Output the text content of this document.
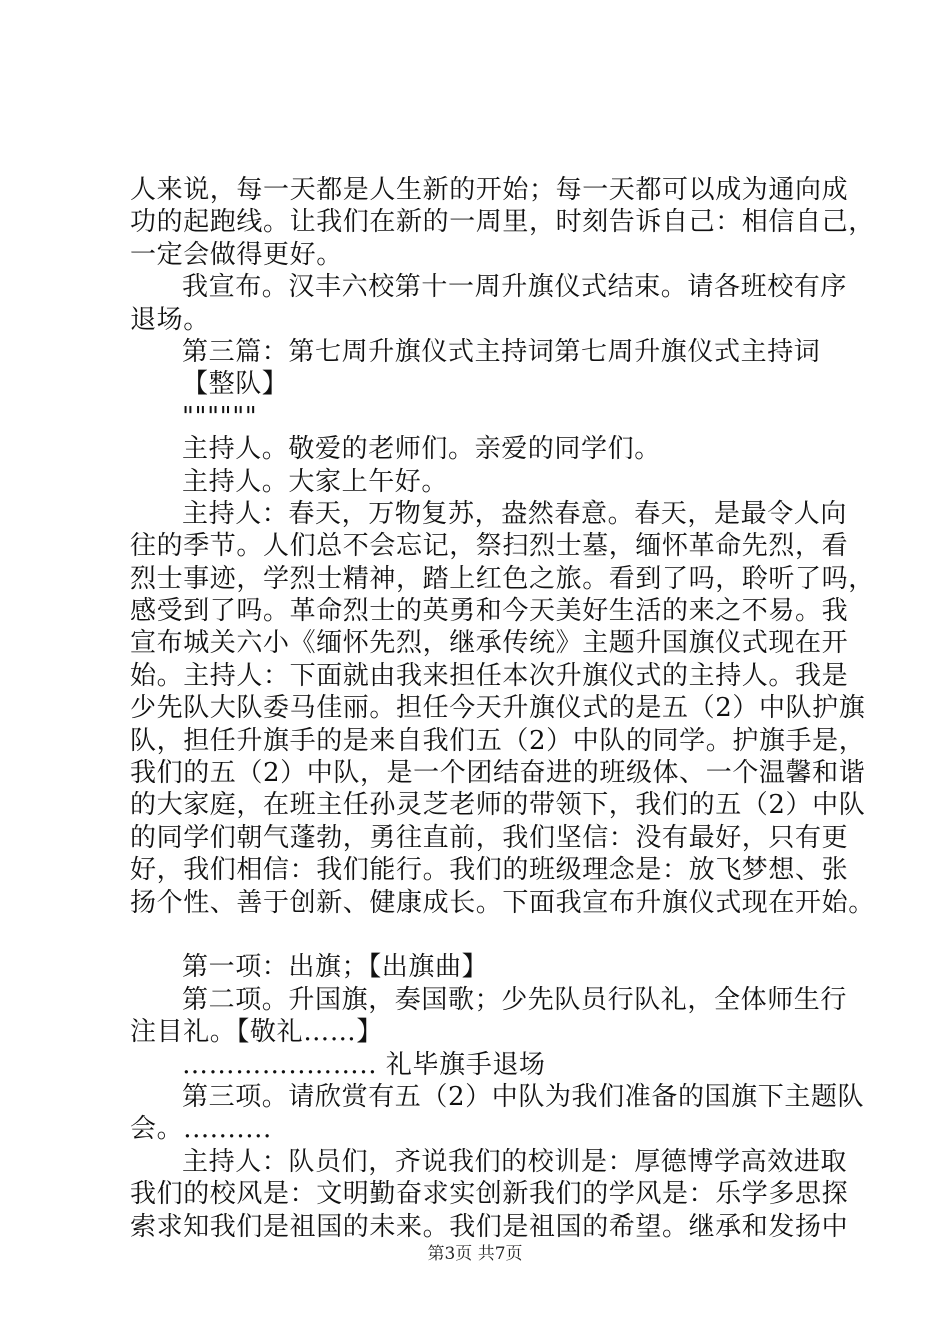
人来说，每一天都是人生新的开始；每一天都可以成为通向成
功的起跑线。让我们在新的一周里，时刻告诉自己：相信自己，
一定会做得更好。
我宣布。汉丰六校第十一周升旗仪式结束。请各班校有序
退场。
第三篇：第七周升旗仪式主持词第七周升旗仪式主持词
【整队】
""""""
主持人。敬爱的老师们。亲爱的同学们。
主持人。大家上午好。
主持人：春天，万物复苏，盎然春意。春天，是最令人向
往的季节。人们总不会忘记，祭扫烈士墓，缅怀革命先烈，看
烈士事迹，学烈士精神，踏上红色之旅。看到了吗，聆听了吗，
感受到了吗。革命烈士的英勇和今天美好生活的来之不易。我
宣布城关六小《缅怀先烈，继承传统》主题升国旗仪式现在开
始。主持人：下面就由我来担任本次升旗仪式的主持人。我是
少先队大队委马佳丽。担任今天升旗仪式的是五（2）中队护旗
队，担任升旗手的是来自我们五（2）中队的同学。护旗手是，
我们的五（2）中队，是一个团结奋进的班级体、一个温馨和谐
的大家庭，在班主任孙灵芝老师的带领下，我们的五（2）中队
的同学们朝气蓬勃，勇往直前，我们坚信：没有最好，只有更
好，我们相信：我们能行。我们的班级理念是：放飞梦想、张
扬个性、善于创新、健康成长。下面我宣布升旗仪式现在开始。
第一项：出旗；【出旗曲】
第二项。升国旗，奏国歌；少先队员行队礼，全体师生行
注目礼。【敬礼……】
…………..…….. 礼毕旗手退场
第三项。请欣赏有五（2）中队为我们准备的国旗下主题队
会。..........
主持人：队员们，齐说我们的校训是：厚德博学高效进取
我们的校风是：文明勤奋求实创新我们的学风是：乐学多思探
索求知我们是祖国的未来。我们是祖国的希望。继承和发扬中
第3页 共7页
